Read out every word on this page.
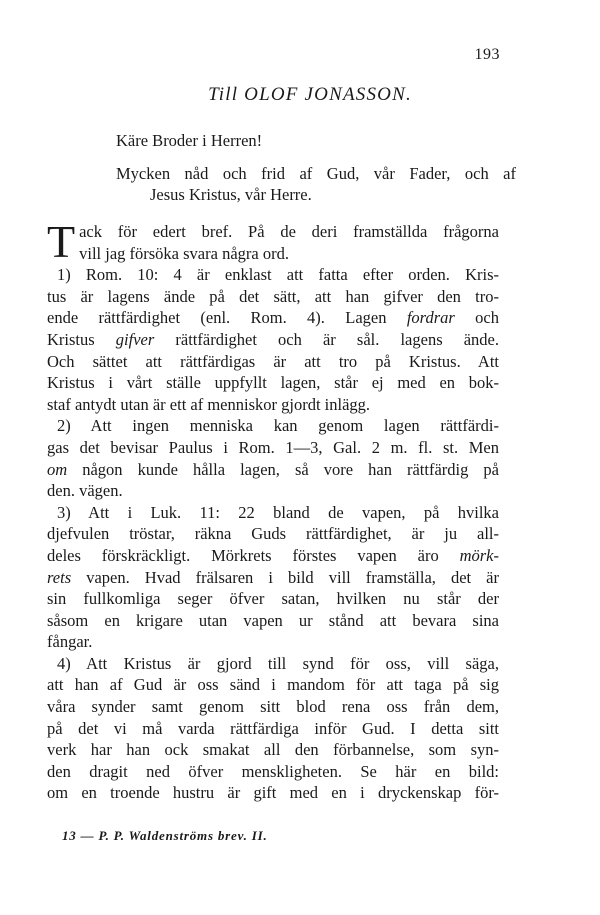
193
Till OLOF JONASSON.
Käre Broder i Herren!
Mycken nåd och frid af Gud, vår Fader, och af
Jesus Kristus, vår Herre.
T ack för edert bref. På de deri framställda frågorna
vill jag försöka svara några ord.
1) Rom. 10: 4 är enklast att fatta efter orden. Kris-
tus är lagens ände på det sätt, att han gifver den tro-
ende rättfärdighet (enl. Rom. 4). Lagen fordrar och
Kristus gifver rättfärdighet och är sål. lagens ände.
Och sättet att rättfärdigas är att tro på Kristus. Att
Kristus i vårt ställe uppfyllt lagen, står ej med en bok-
staf antydt utan är ett af menniskor gjordt inlägg.
2) Att ingen menniska kan genom lagen rättfärdi-
gas det bevisar Paulus i Rom. 1—3, Gal. 2 m. fl. st. Men
om någon kunde hålla lagen, så vore han rättfärdig på
den. vägen.
3) Att i Luk. 11: 22 bland de vapen, på hvilka
djefvulen tröstar, räkna Guds rättfärdighet, är ju all-
deles förskräckligt. Mörkrets förstes vapen äro mörk-
rets vapen. Hvad frälsaren i bild vill framställa, det är
sin fullkomliga seger öfver satan, hvilken nu står der
såsom en krigare utan vapen ur stånd att bevara sina
fångar.
4) Att Kristus är gjord till synd för oss, vill säga,
att han af Gud är oss sänd i mandom för att taga på sig
våra synder samt genom sitt blod rena oss från dem,
på det vi må varda rättfärdiga inför Gud. I detta sitt
verk har han ock smakat all den förbannelse, som syn-
den dragit ned öfver menskligheten. Se här en bild:
om en troende hustru är gift med en i dryckenskap för-
13 — P. P. Waldenströms brev. II.
